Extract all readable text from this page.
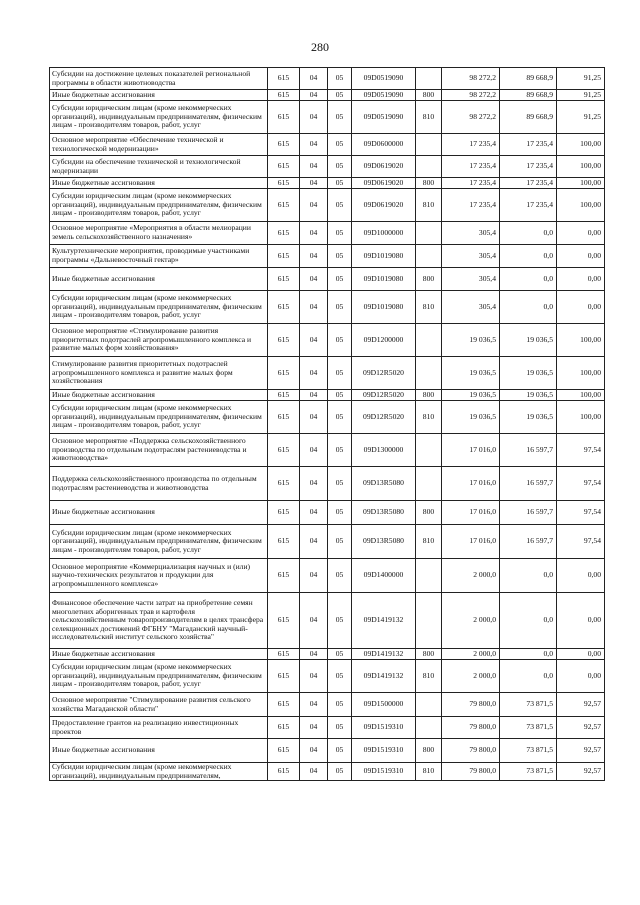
280
Субсидии на достижение целевых показателей региональной программы в области животноводства	615	04	05	09D0519090		98 272,2	89 668,9	91,25
Иные бюджетные ассигнования	615	04	05	09D0519090	800	98 272,2	89 668,9	91,25
Субсидии юридическим лицам (кроме некоммерческих организаций), индивидуальным предпринимателям, физическим лицам - производителям товаров, работ, услуг	615	04	05	09D0519090	810	98 272,2	89 668,9	91,25
Основное мероприятие «Обеспечение технической и технологической модернизации»	615	04	05	09D0600000		17 235,4	17 235,4	100,00
Субсидии на обеспечение технической и технологической модернизации	615	04	05	09D0619020		17 235,4	17 235,4	100,00
Иные бюджетные ассигнования	615	04	05	09D0619020	800	17 235,4	17 235,4	100,00
Субсидии юридическим лицам (кроме некоммерческих организаций), индивидуальным предпринимателям, физическим лицам - производителям товаров, работ, услуг	615	04	05	09D0619020	810	17 235,4	17 235,4	100,00
Основное мероприятие «Мероприятия в области мелиорации земель сельскохозяйственного назначения»	615	04	05	09D1000000		305,4	0,0	0,00
Культуртехнические мероприятия, проводимые участниками программы «Дальневосточный гектар»	615	04	05	09D1019080		305,4	0,0	0,00
Иные бюджетные ассигнования	615	04	05	09D1019080	800	305,4	0,0	0,00
Субсидии юридическим лицам (кроме некоммерческих организаций), индивидуальным предпринимателям, физическим лицам - производителям товаров, работ, услуг	615	04	05	09D1019080	810	305,4	0,0	0,00
Основное мероприятие «Стимулирование развития приоритетных подотраслей агропромышленного комплекса и развитие малых форм хозяйствования»	615	04	05	09D1200000		19 036,5	19 036,5	100,00
Стимулирование развития приоритетных подотраслей агропромышленного комплекса и развитие малых форм хозяйствования	615	04	05	09D12R5020		19 036,5	19 036,5	100,00
Иные бюджетные ассигнования	615	04	05	09D12R5020	800	19 036,5	19 036,5	100,00
Субсидии юридическим лицам (кроме некоммерческих организаций), индивидуальным предпринимателям, физическим лицам - производителям товаров, работ, услуг	615	04	05	09D12R5020	810	19 036,5	19 036,5	100,00
Основное мероприятие «Поддержка сельскохозяйственного производства по отдельным подотраслям растениеводства и животноводства»	615	04	05	09D1300000		17 016,0	16 597,7	97,54
Поддержка сельскохозяйственного производства по отдельным подотраслям растениеводства и животноводства	615	04	05	09D13R5080		17 016,0	16 597,7	97,54
Иные бюджетные ассигнования	615	04	05	09D13R5080	800	17 016,0	16 597,7	97,54
Субсидии юридическим лицам (кроме некоммерческих организаций), индивидуальным предпринимателям, физическим лицам - производителям товаров, работ, услуг	615	04	05	09D13R5080	810	17 016,0	16 597,7	97,54
Основное мероприятие «Коммерциализация научных и (или) научно-технических результатов и продукции для агропромышленного комплекса»	615	04	05	09D1400000		2 000,0	0,0	0,00
Финансовое обеспечение части затрат на приобретение семян многолетних аборигенных трав и картофеля сельскохозяйственным товаропроизводителям в целях трансфера селекционных достижений ФГБНУ "Магаданский научный-исследовательский институт сельского хозяйства"	615	04	05	09D1419132		2 000,0	0,0	0,00
Иные бюджетные ассигнования	615	04	05	09D1419132	800	2 000,0	0,0	0,00
Субсидии юридическим лицам (кроме некоммерческих организаций), индивидуальным предпринимателям, физическим лицам - производителям товаров, работ, услуг	615	04	05	09D1419132	810	2 000,0	0,0	0,00
Основное мероприятие "Стимулирование развития сельского хозяйства Магаданской области"	615	04	05	09D1500000		79 800,0	73 871,5	92,57
Предоставление грантов на реализацию инвестиционных проектов	615	04	05	09D1519310		79 800,0	73 871,5	92,57
Иные бюджетные ассигнования	615	04	05	09D1519310	800	79 800,0	73 871,5	92,57
Субсидии юридическим лицам (кроме некоммерческих организаций), индивидуальным предпринимателям,	615	04	05	09D1519310	810	79 800,0	73 871,5	92,57
